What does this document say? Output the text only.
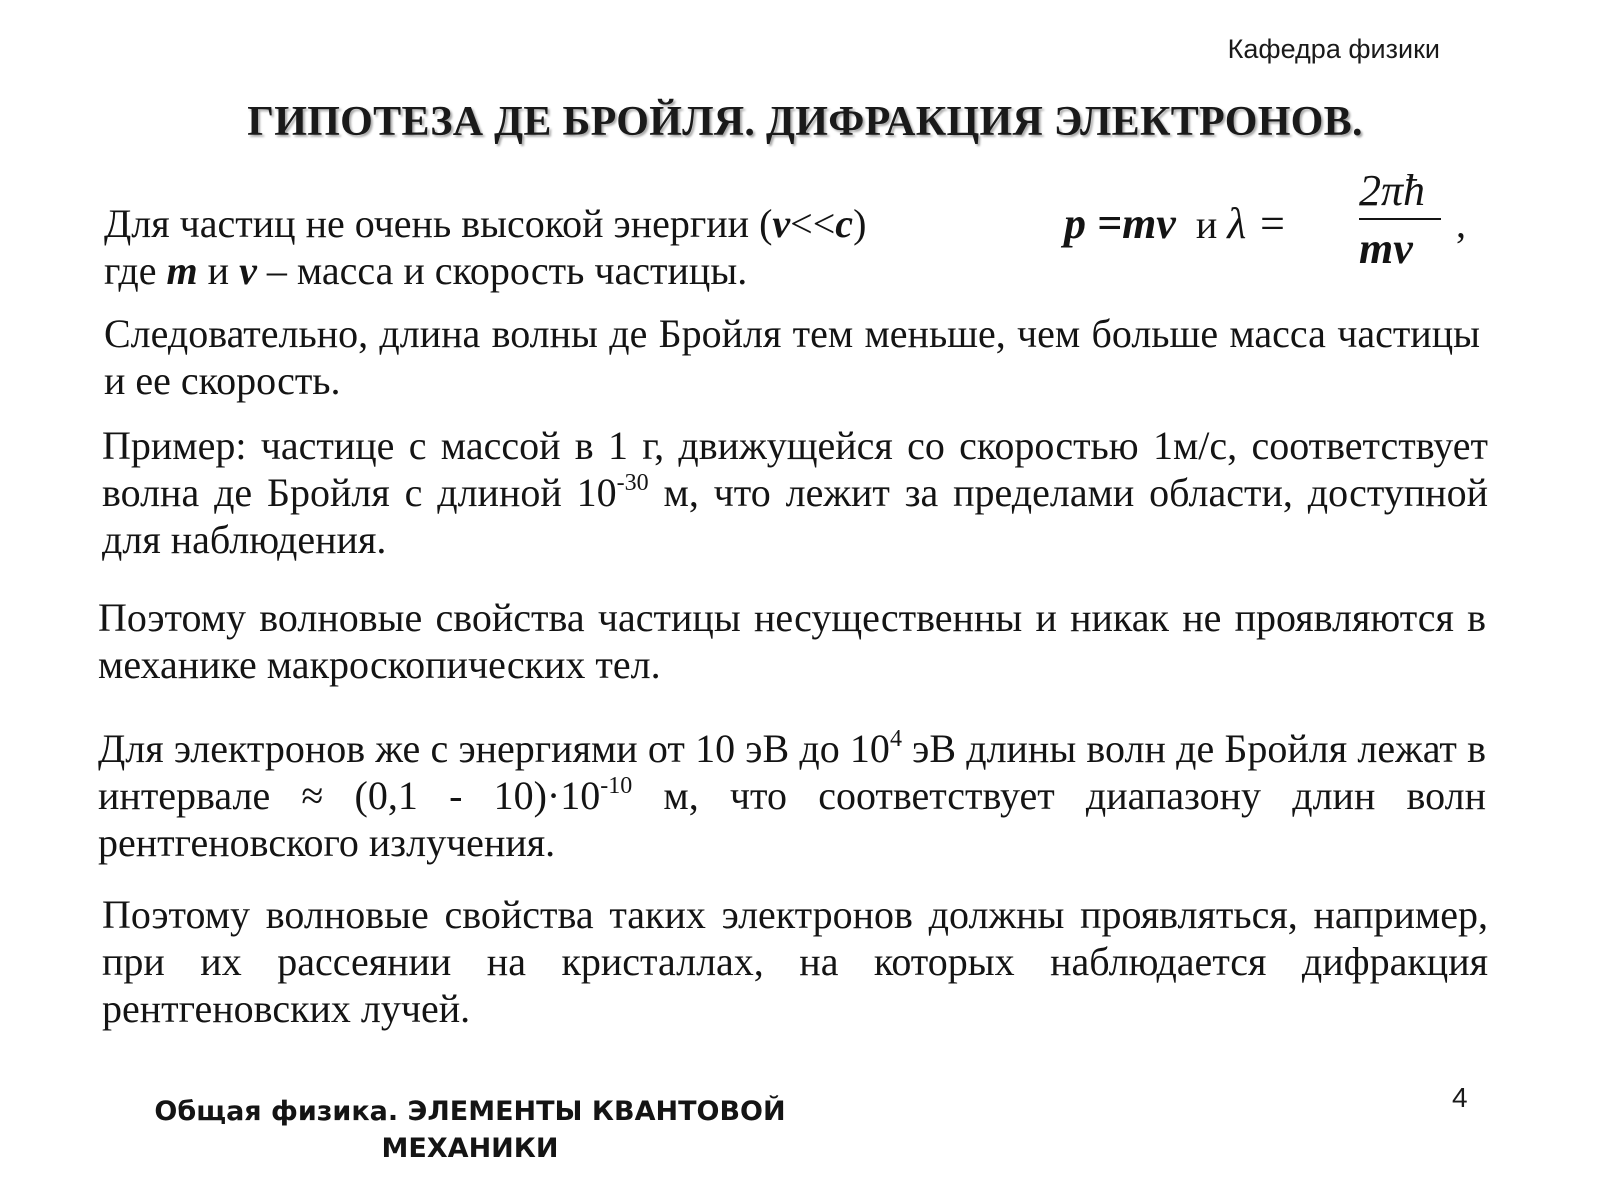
Кафедра физики
ГИПОТЕЗА ДЕ БРОЙЛЯ. ДИФРАКЦИЯ ЭЛЕКТРОНОВ.
Для частиц не очень высокой энергии (v<<c)	p =mv и λ =
2πħ
mv
,
где m и v – масса и скорость частицы.

Следовательно, длина волны де Бройля тем меньше, чем больше масса частицы и ее скорость.

Пример: частице с массой в 1 г, движущейся со скоростью 1м/с, соответствует волна де Бройля с длиной $10^{-30}$ м, что лежит за пределами области, доступной для наблюдения.

Поэтому волновые свойства частицы несущественны и никак не проявляются в механике макроскопических тел.

Для электронов же с энергиями от 10 эВ до $10^4$ эВ длины волн де Бройля лежат в интервале ≈ $(0,1 - 10)\cdot 10^{-10}$ м, что соответствует диапазону длин волн рентгеновского излучения.

Поэтому волновые свойства таких электронов должны проявляться, например, при их рассеянии на кристаллах, на которых наблюдается дифракция рентгеновских лучей.

Общая физика. ЭЛЕМЕНТЫ КВАНТОВОЙ
МЕХАНИКИ
4
